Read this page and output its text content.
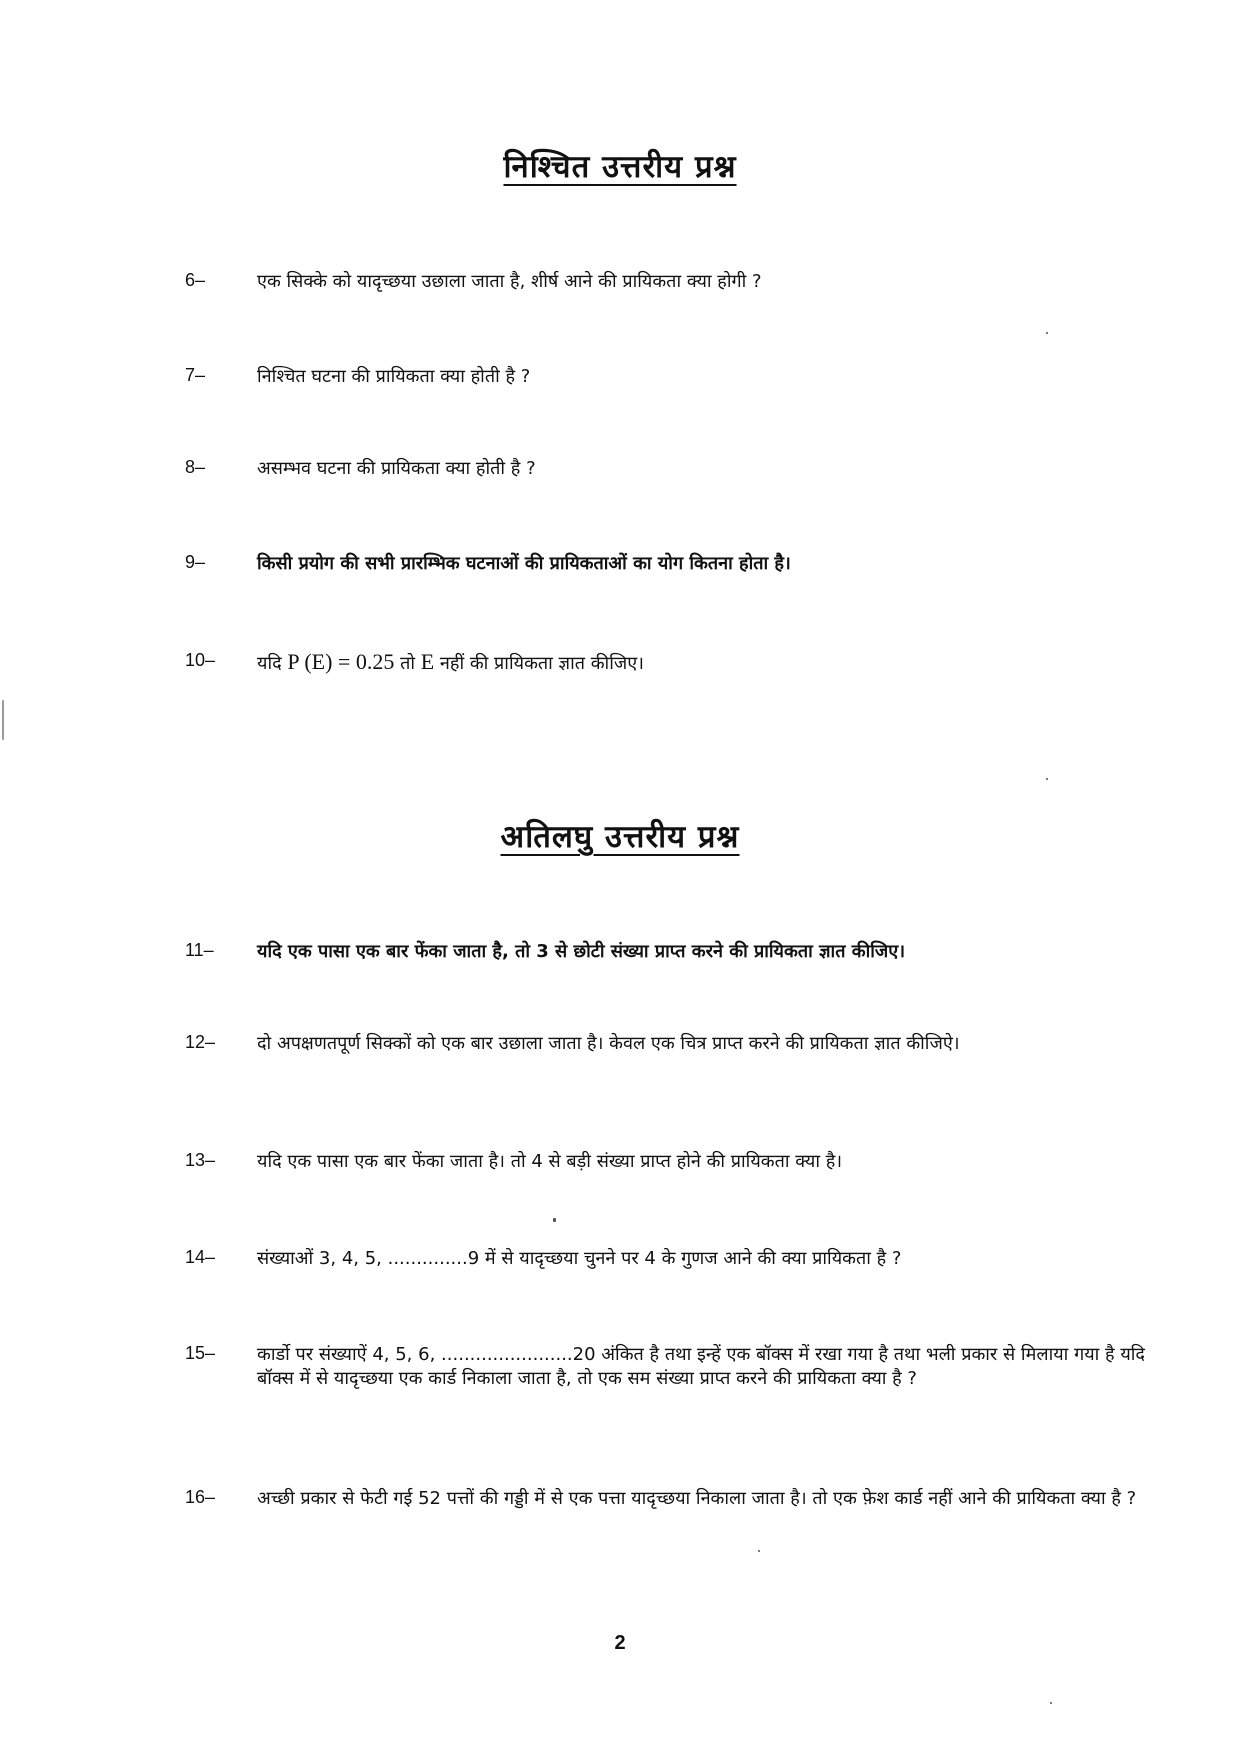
निश्चित उत्तरीय प्रश्न
6–	एक सिक्के को यादृच्छया उछाला जाता है, शीर्ष आने की प्रायिकता क्या होगी ?
7–	निश्चित घटना की प्रायिकता क्या होती है ?
8–	असम्भव घटना की प्रायिकता क्या होती है ?
9–	किसी प्रयोग की सभी प्रारम्भिक घटनाओं की प्रायिकताओं का योग कितना होता है।
10–	यदि P (E) = 0.25 तो E नहीं की प्रायिकता ज्ञात कीजिए।
अतिलघु उत्तरीय प्रश्न
11–	यदि एक पासा एक बार फेंका जाता है, तो 3 से छोटी संख्या प्राप्त करने की प्रायिकता ज्ञात कीजिए।
12–	दो अपक्षणतपूर्ण सिक्कों को एक बार उछाला जाता है। केवल एक चित्र प्राप्त करने की प्रायिकता ज्ञात कीजिऐ।
13–	यदि एक पासा एक बार फेंका जाता है। तो 4 से बड़ी संख्या प्राप्त होने की प्रायिकता क्या है।
14–	संख्याओं 3, 4, 5, ..............9 में से यादृच्छया चुनने पर 4 के गुणज आने की क्या प्रायिकता है ?
15–	कार्डो पर संख्याऐं 4, 5, 6, .......................20 अंकित है तथा इन्हें एक बॉक्स में रखा गया है तथा भली प्रकार से मिलाया गया है यदि बॉक्स में से यादृच्छया एक कार्ड निकाला जाता है, तो एक सम संख्या प्राप्त करने की प्रायिकता क्या है ?
16–	अच्छी प्रकार से फेटी गई 52 पत्तों की गड्डी में से एक पत्ता यादृच्छया निकाला जाता है। तो एक फ़ेश कार्ड नहीं आने की प्रायिकता क्या है ?
2
